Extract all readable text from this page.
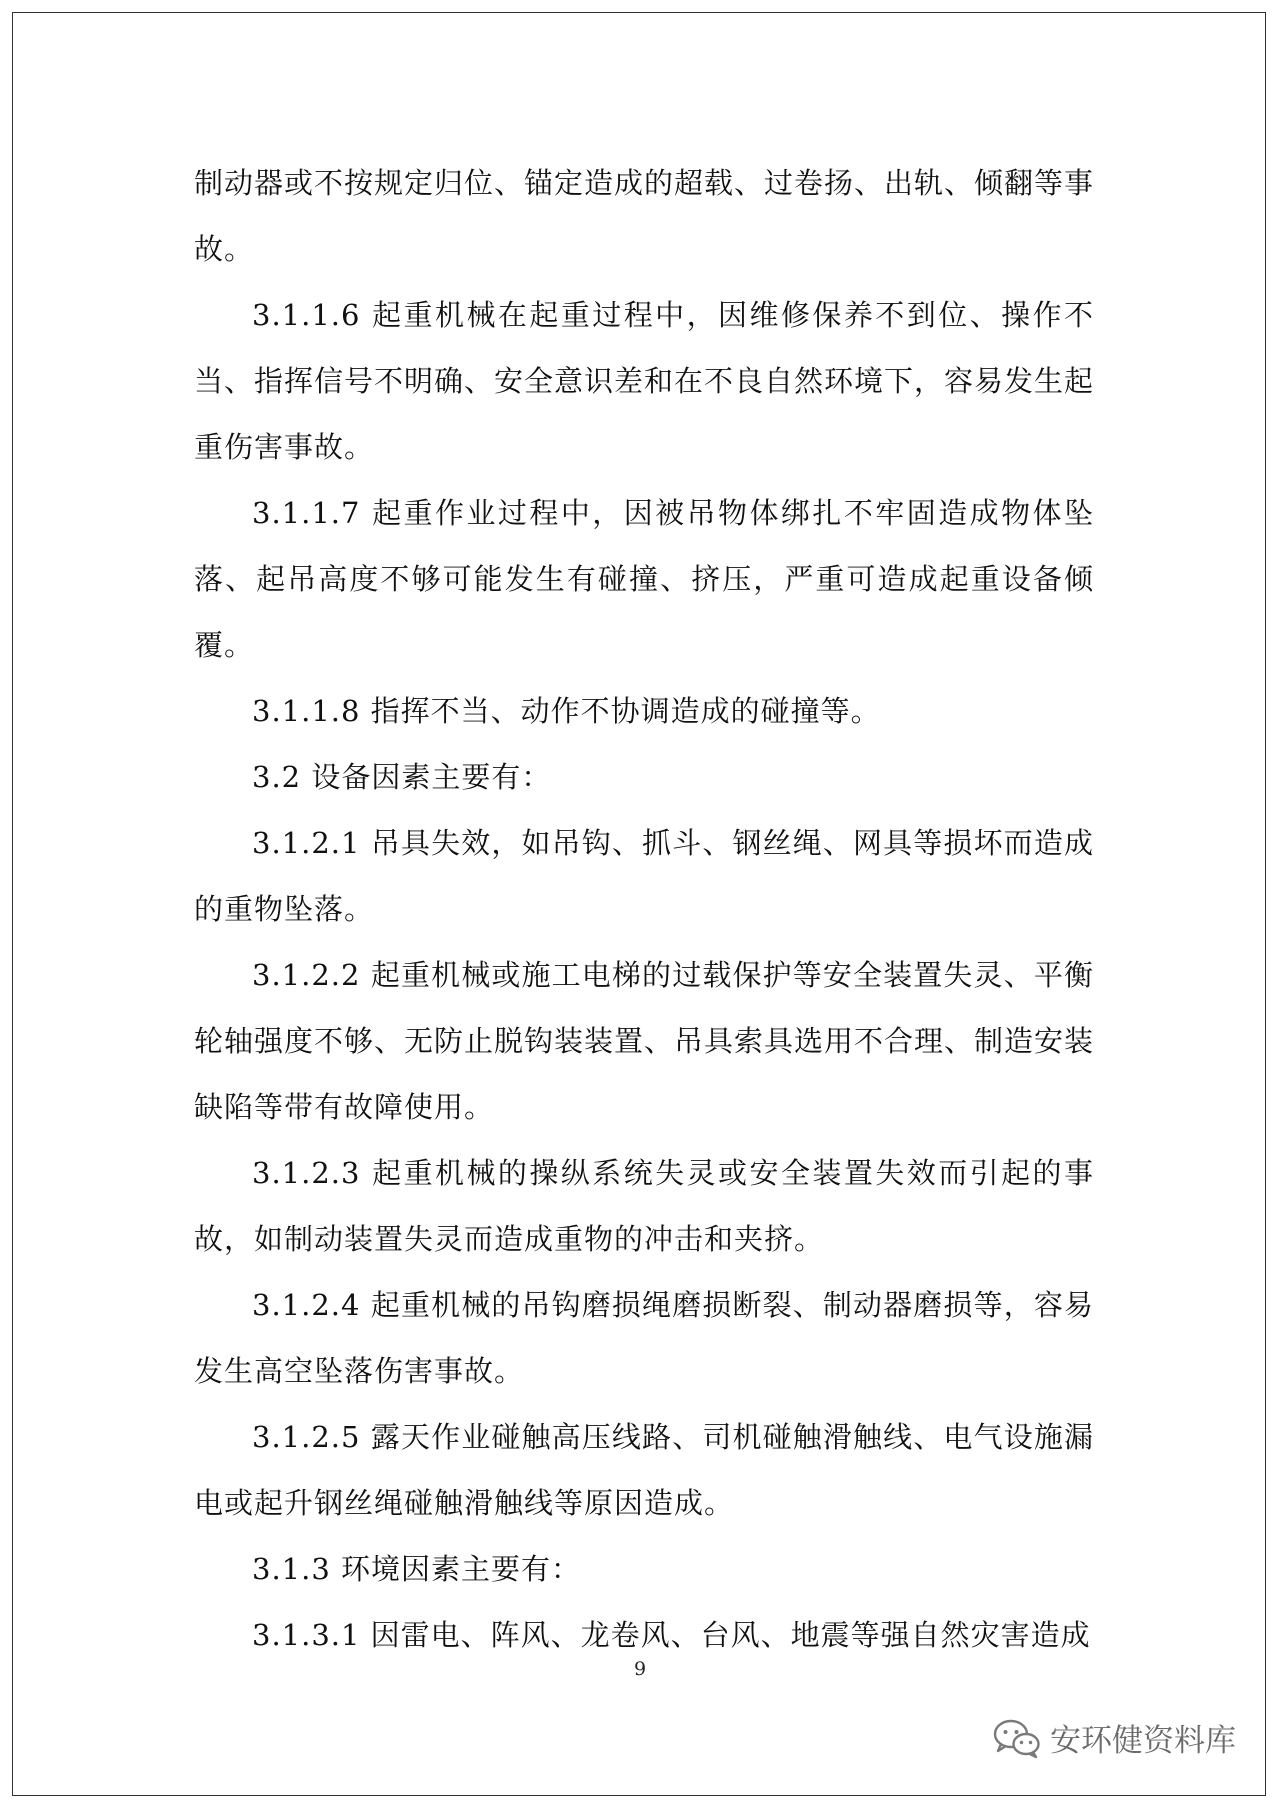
制动器或不按规定归位、锚定造成的超载、过卷扬、出轨、倾翻等事故。

3.1.1.6 起重机械在起重过程中，因维修保养不到位、操作不当、指挥信号不明确、安全意识差和在不良自然环境下，容易发生起重伤害事故。

3.1.1.7 起重作业过程中，因被吊物体绑扎不牢固造成物体坠落、起吊高度不够可能发生有碰撞、挤压，严重可造成起重设备倾覆。

3.1.1.8 指挥不当、动作不协调造成的碰撞等。

3.2 设备因素主要有：

3.1.2.1 吊具失效，如吊钩、抓斗、钢丝绳、网具等损坏而造成的重物坠落。

3.1.2.2 起重机械或施工电梯的过载保护等安全装置失灵、平衡轮轴强度不够、无防止脱钩装装置、吊具索具选用不合理、制造安装缺陷等带有故障使用。

3.1.2.3 起重机械的操纵系统失灵或安全装置失效而引起的事故，如制动装置失灵而造成重物的冲击和夹挤。

3.1.2.4 起重机械的吊钩磨损绳磨损断裂、制动器磨损等，容易发生高空坠落伤害事故。

3.1.2.5 露天作业碰触高压线路、司机碰触滑触线、电气设施漏电或起升钢丝绳碰触滑触线等原因造成。

3.1.3 环境因素主要有：

3.1.3.1 因雷电、阵风、龙卷风、台风、地震等强自然灾害造成

9
安环健资料库
